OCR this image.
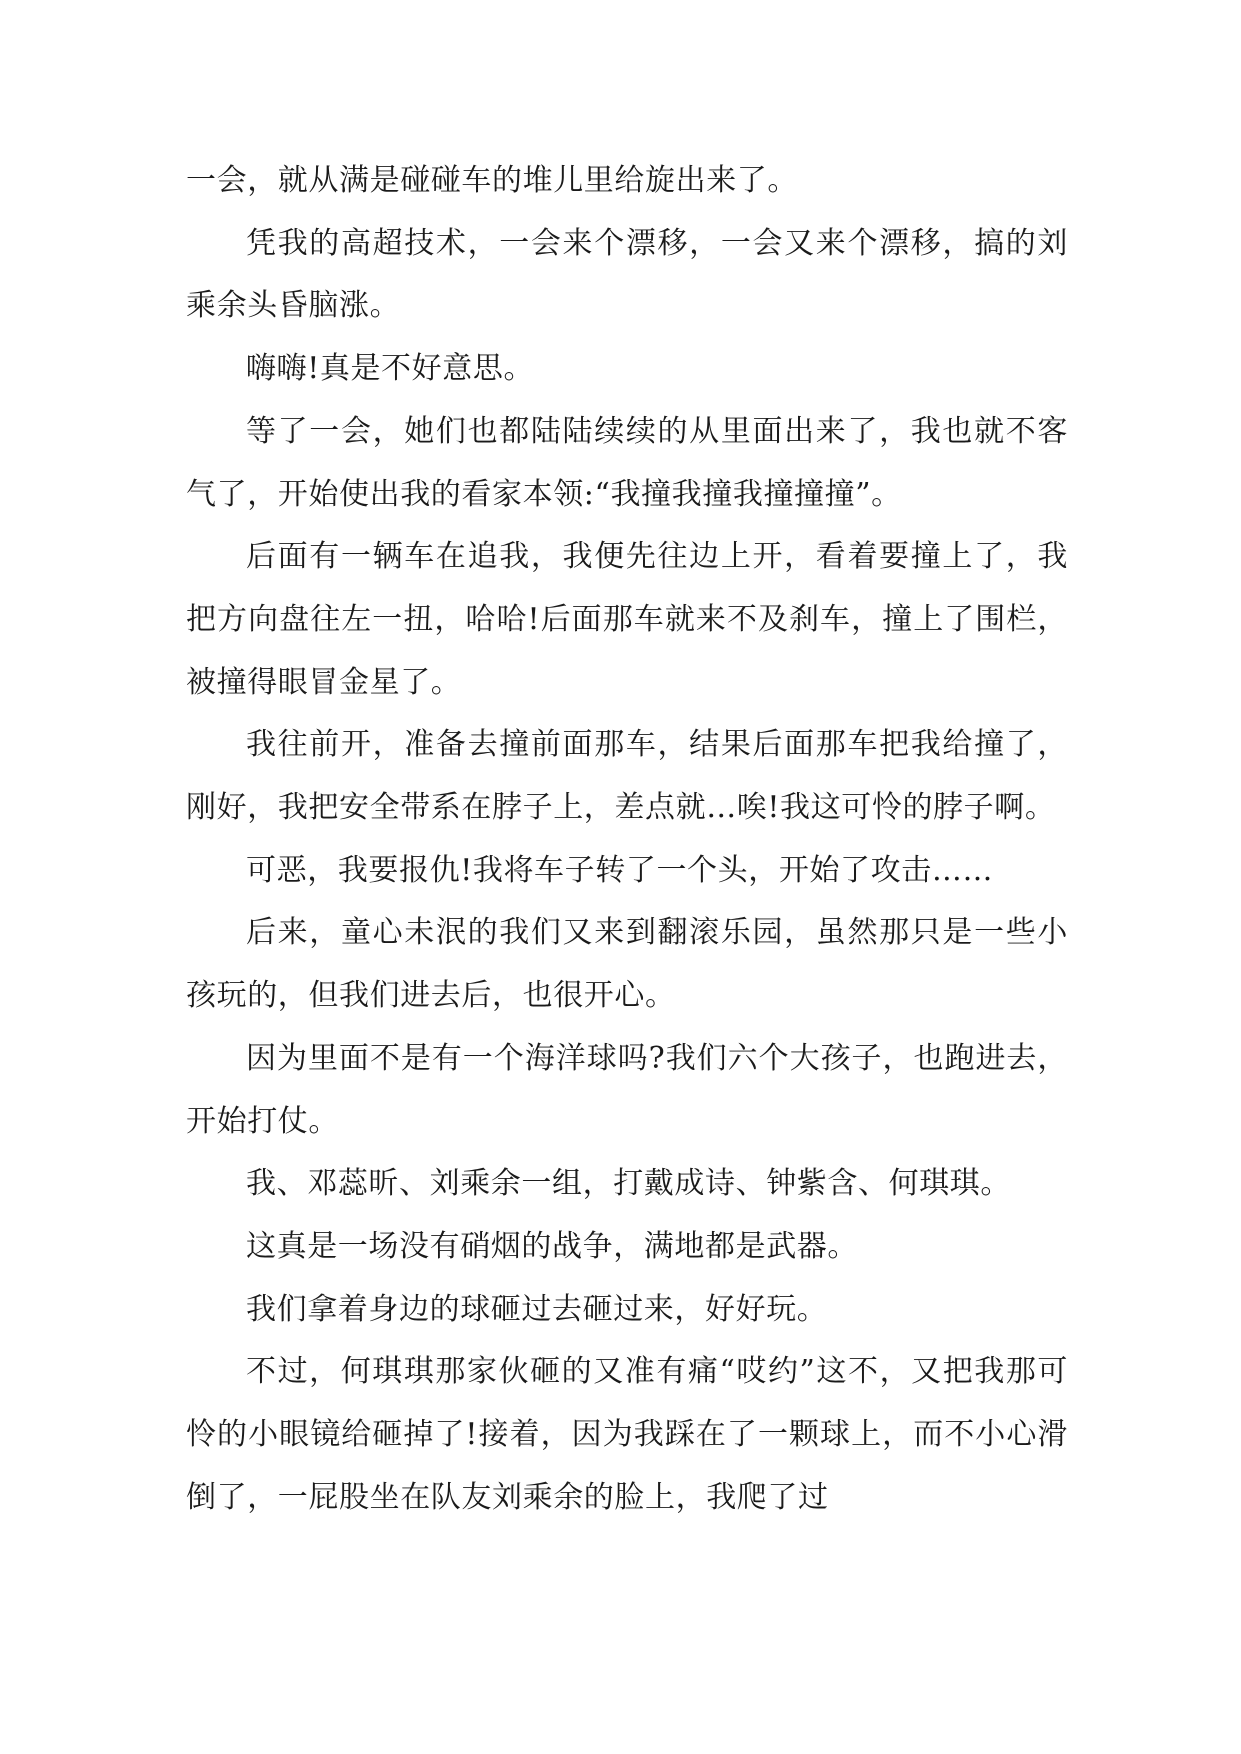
一会，就从满是碰碰车的堆儿里给旋出来了。

凭我的高超技术，一会来个漂移，一会又来个漂移，搞的刘乘余头昏脑涨。

嗨嗨!真是不好意思。

等了一会，她们也都陆陆续续的从里面出来了，我也就不客气了，开始使出我的看家本领:“我撞我撞我撞撞撞”。

后面有一辆车在追我，我便先往边上开，看着要撞上了，我把方向盘往左一扭，哈哈!后面那车就来不及刹车，撞上了围栏，被撞得眼冒金星了。

我往前开，准备去撞前面那车，结果后面那车把我给撞了，刚好，我把安全带系在脖子上，差点就…唉!我这可怜的脖子啊。

可恶，我要报仇!我将车子转了一个头，开始了攻击……

后来，童心未泯的我们又来到翻滚乐园，虽然那只是一些小孩玩的，但我们进去后，也很开心。

因为里面不是有一个海洋球吗?我们六个大孩子，也跑进去，开始打仗。

我、邓蕊昕、刘乘余一组，打戴成诗、钟紫含、何琪琪。

这真是一场没有硝烟的战争，满地都是武器。

我们拿着身边的球砸过去砸过来，好好玩。

不过，何琪琪那家伙砸的又准有痛“哎约”这不，又把我那可怜的小眼镜给砸掉了!接着，因为我踩在了一颗球上，而不小心滑倒了，一屁股坐在队友刘乘余的脸上，我爬了过
